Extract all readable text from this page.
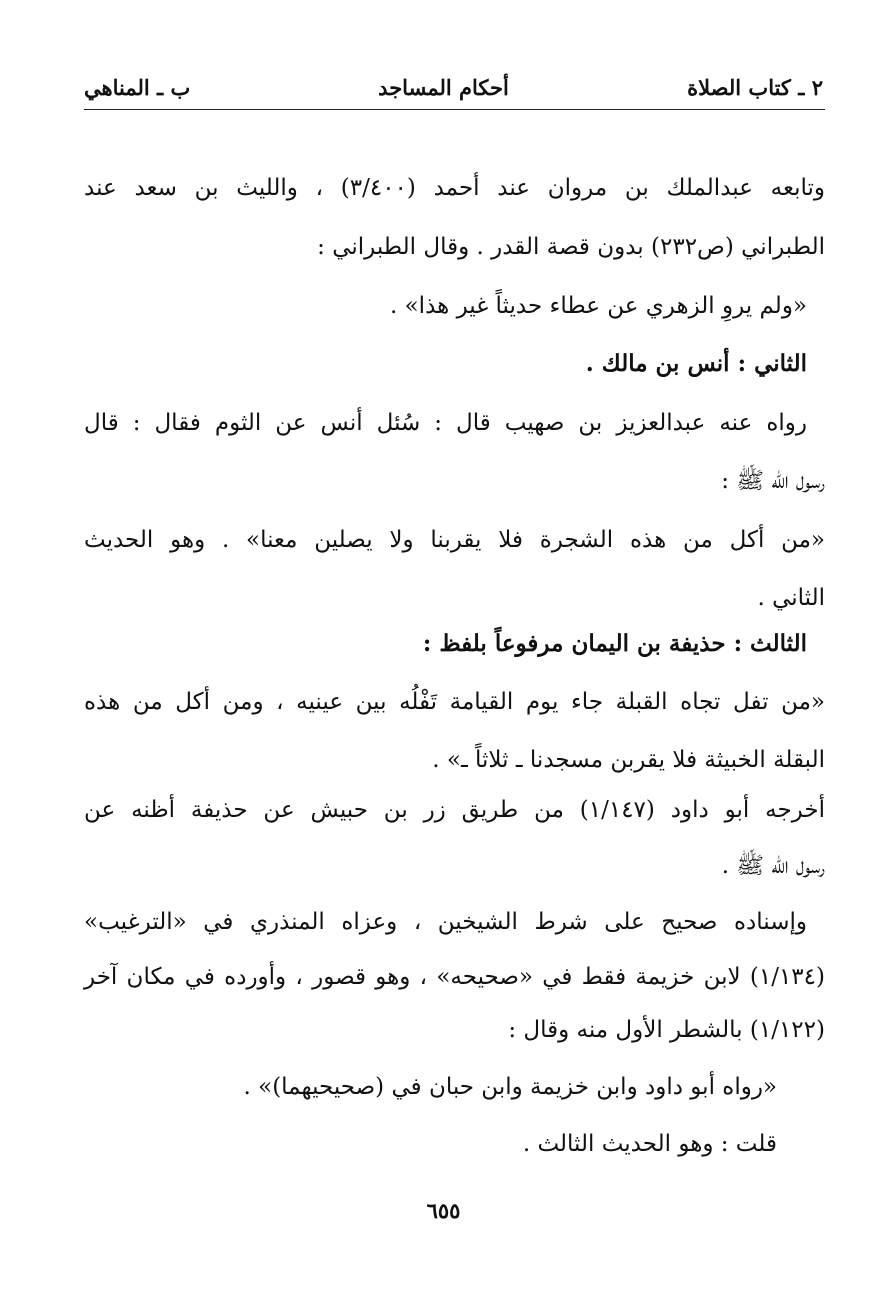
٢ ـ كتاب الصلاة
أحكام المساجد
ب ـ المناهي
وتابعه عبدالملك بن مروان عند أحمد (٣/٤٠٠) ، والليث بن سعد عند
الطبراني (ص٢٣٢) بدون قصة القدر . وقال الطبراني :
«ولم يروِ الزهري عن عطاء حديثاً غير هذا» .
الثاني : أنس بن مالك .
رواه عنه عبدالعزيز بن صهيب قال : سُئل أنس عن الثوم فقال : قال
رسول الله ﷺ :
«من أكل من هذه الشجرة فلا يقربنا ولا يصلين معنا» . وهو الحديث
الثاني .
الثالث : حذيفة بن اليمان مرفوعاً بلفظ :
«من تفل تجاه القبلة جاء يوم القيامة تَفْلُه بين عينيه ، ومن أكل من هذه
البقلة الخبيثة فلا يقربن مسجدنا ـ ثلاثاً ـ» .
أخرجه أبو داود (١/١٤٧) من طريق زر بن حبيش عن حذيفة أظنه عن
رسول الله ﷺ .
وإسناده صحيح على شرط الشيخين ، وعزاه المنذري في «الترغيب»
(١/١٣٤) لابن خزيمة فقط في «صحيحه» ، وهو قصور ، وأورده في مكان آخر
(١/١٢٢) بالشطر الأول منه وقال :
«رواه أبو داود وابن خزيمة وابن حبان في (صحيحيهما)» .
قلت : وهو الحديث الثالث .
٦٥٥
